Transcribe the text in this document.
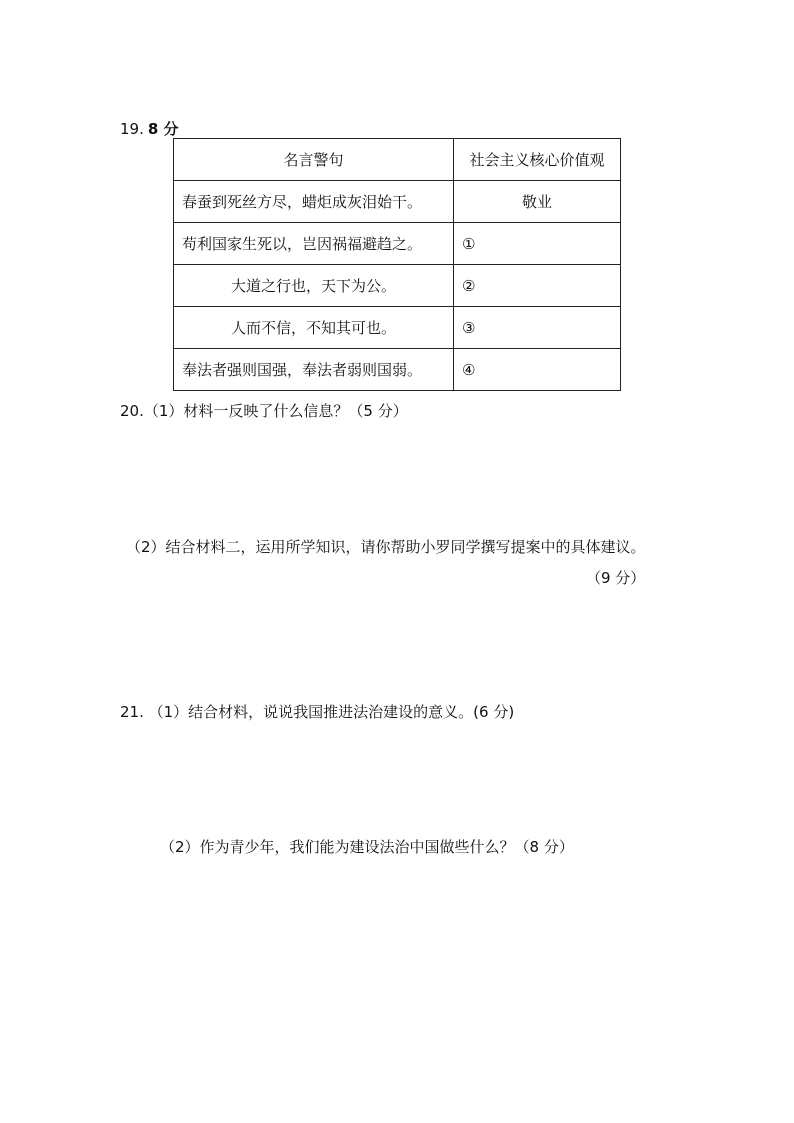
19. 8 分
名言警句	社会主义核心价值观
春蚕到死丝方尽，蜡炬成灰泪始干。	敬业
苟利国家生死以，岂因祸福避趋之。	①
大道之行也，天下为公。	②
人而不信，不知其可也。	③
奉法者强则国强，奉法者弱则国弱。	④
20.（1）材料一反映了什么信息？（5 分）
（2）结合材料二，运用所学知识，请你帮助小罗同学撰写提案中的具体建议。
（9 分）
21. （1）结合材料，说说我国推进法治建设的意义。(6 分)
（2）作为青少年，我们能为建设法治中国做些什么？（8 分）
